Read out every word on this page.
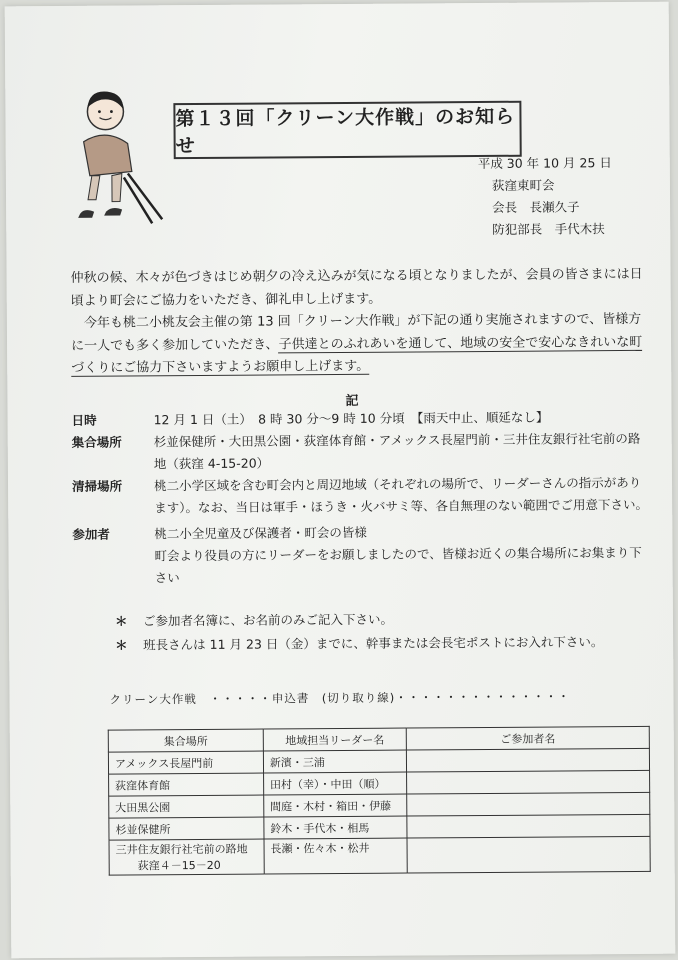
第１３回「クリーン大作戦」のお知らせ
平成 30 年 10 月 25 日
荻窪東町会
会長　長瀬久子
防犯部長　手代木扶

仲秋の候、木々が色づきはじめ朝夕の冷え込みが気になる頃となりましたが、会員の皆さまには日頃より町会にご協力をいただき、御礼申し上げます。

　今年も桃二小桃友会主催の第 13 回「クリーン大作戦」が下記の通り実施されますので、皆様方に一人でも多く参加していただき、子供達とのふれあいを通して、地域の安全で安心なきれいな町づくりにご協力下さいますようお願申し上げます。

記
日時	12 月 1 日（土）　8 時 30 分～9 時 10 分頃　【雨天中止、順延なし】
集合場所	杉並保健所・大田黒公園・荻窪体育館・アメックス長屋門前・三井住友銀行社宅前の路地（荻窪 4-15-20）
清掃場所	桃二小学区域を含む町会内と周辺地域（それぞれの場所で、リーダーさんの指示があります）。なお、当日は軍手・ほうき・火バサミ等、各自無理のない範囲でご用意下さい。
参加者	桃二小全児童及び保護者・町会の皆様
町会より役員の方にリーダーをお願しましたので、皆様お近くの集合場所にお集まり下さい
＊	ご参加者名簿に、お名前のみご記入下さい。
＊	班長さんは 11 月 23 日（金）までに、幹事または会長宅ポストにお入れ下さい。
クリーン大作戦　・・・・・申込書　(切り取り線)・・・・・・・・・・・・・・
集合場所	地域担当リーダー名	ご参加者名
アメックス長屋門前	新濱・三浦	
荻窪体育館	田村（幸）・中田（順）	
大田黒公園	間庭・木村・箱田・伊藤	
杉並保健所	鈴木・手代木・相馬	

三井住友銀行社宅前の路地
荻窪４－15－20	長瀬・佐々木・松井	
